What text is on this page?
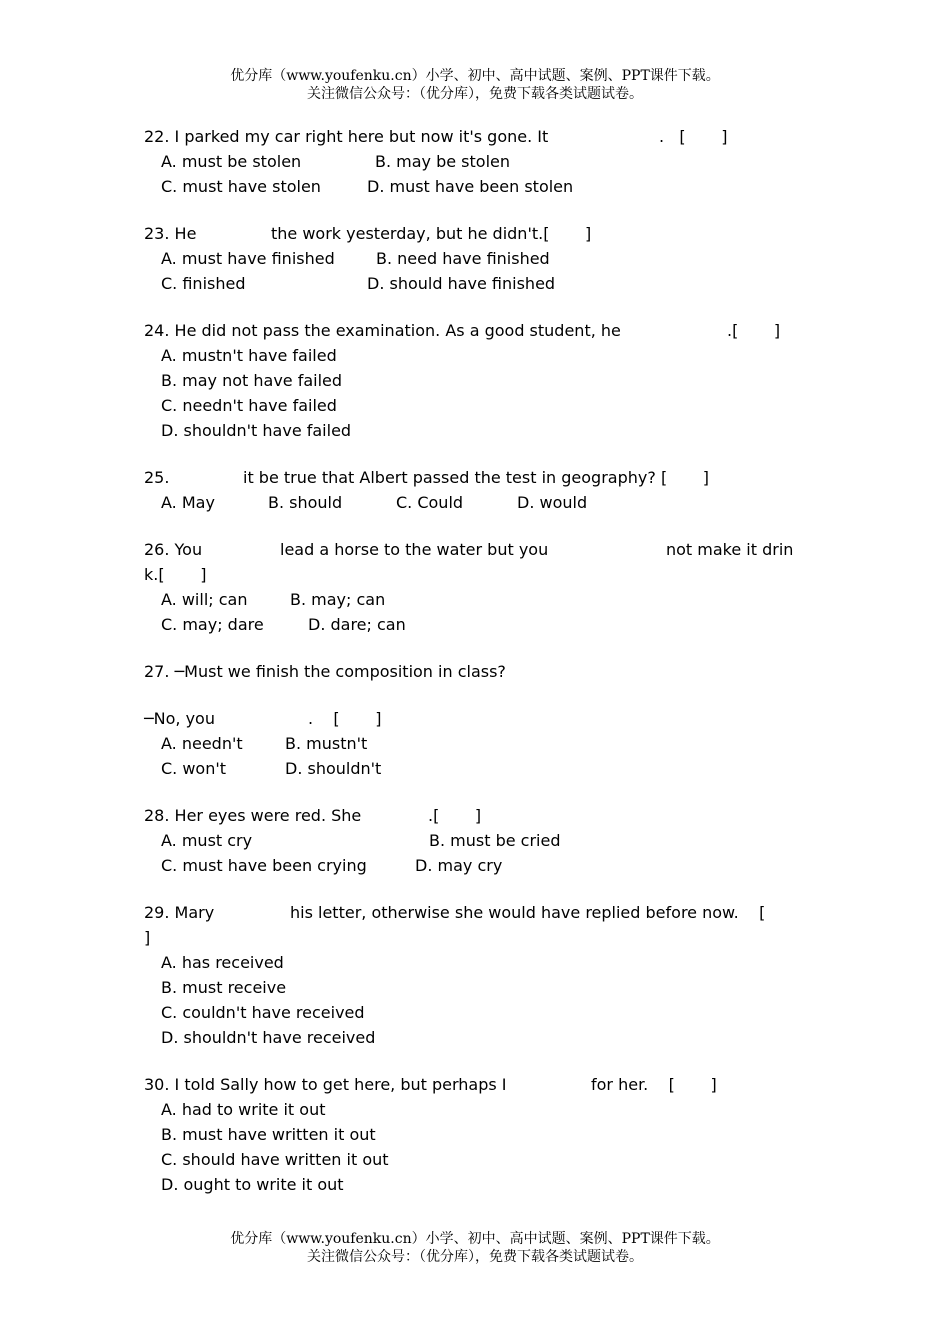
优分库（www.youfenku.cn）小学、初中、高中试题、案例、PPT课件下载。
关注微信公众号：（优分库），免费下载各类试题试卷。

22. I parked my car right here but now it's gone. It

	.   [       ]

A. must be stolen

	B. may be stolen

C. must have stolen

	D. must have been stolen

23. He

	the work yesterday, but he didn't.[       ]

A. must have finished

	B. need have finished

C. finished

	D. should have finished

24. He did not pass the examination. As a good student, he

	.[       ]

A. mustn't have failed
B. may not have failed
C. needn't have failed
D. shouldn't have failed

25.

	it be true that Albert passed the test in geography? [       ]

A. May

	B. should

	C. Could

	D. would

26. You

	lead a horse to the water but you

	not make it drin

k.[       ]

A. will; can

	B. may; can

C. may; dare

	D. dare; can

27. ─Must we finish the composition in class?

─No, you

	.    [       ]

A. needn't

	B. mustn't

C. won't

	D. shouldn't

28. Her eyes were red. She

	.[       ]

A. must cry

	B. must be cried

C. must have been crying

	D. may cry

29. Mary

	his letter, otherwise she would have replied before now.    [

]

A. has received
B. must receive
C. couldn't have received
D. shouldn't have received

30. I told Sally how to get here, but perhaps I

	for her.    [       ]

A. had to write it out
B. must have written it out
C. should have written it out
D. ought to write it out
优分库（www.youfenku.cn）小学、初中、高中试题、案例、PPT课件下载。
关注微信公众号：（优分库），免费下载各类试题试卷。
